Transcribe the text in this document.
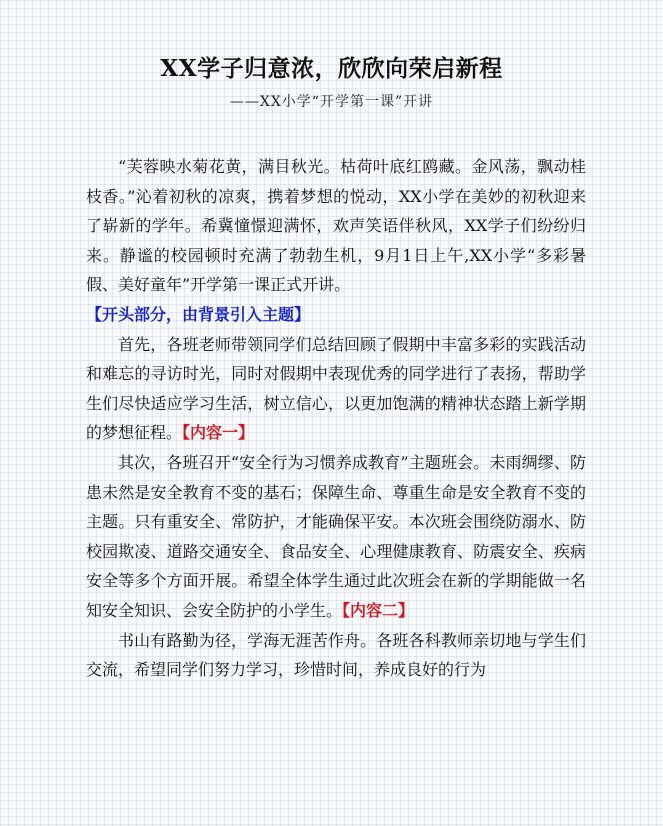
XX学子归意浓，欣欣向荣启新程
——XX小学“开学第一课”开讲

“芙蓉映水菊花黄，满目秋光。枯荷叶底红鸥藏。金风荡，飘动桂枝香。”沁着初秋的凉爽，携着梦想的悦动，XX小学在美妙的初秋迎来了崭新的学年。希冀憧憬迎满怀，欢声笑语伴秋风，XX学子们纷纷归来。静谧的校园顿时充满了勃勃生机，9月1日上午,XX小学“多彩暑假、美好童年”开学第一课正式开讲。

【开头部分，由背景引入主题】

首先，各班老师带领同学们总结回顾了假期中丰富多彩的实践活动和难忘的寻访时光，同时对假期中表现优秀的同学进行了表扬，帮助学生们尽快适应学习生活，树立信心，以更加饱满的精神状态踏上新学期的梦想征程。【内容一】

其次，各班召开“安全行为习惯养成教育”主题班会。未雨绸缪、防患未然是安全教育不变的基石；保障生命、尊重生命是安全教育不变的主题。只有重安全、常防护，才能确保平安。本次班会围绕防溺水、防校园欺凌、道路交通安全、食品安全、心理健康教育、防震安全、疾病安全等多个方面开展。希望全体学生通过此次班会在新的学期能做一名知安全知识、会安全防护的小学生。【内容二】

书山有路勤为径，学海无涯苦作舟。各班各科教师亲切地与学生们交流，希望同学们努力学习，珍惜时间，养成良好的行为
